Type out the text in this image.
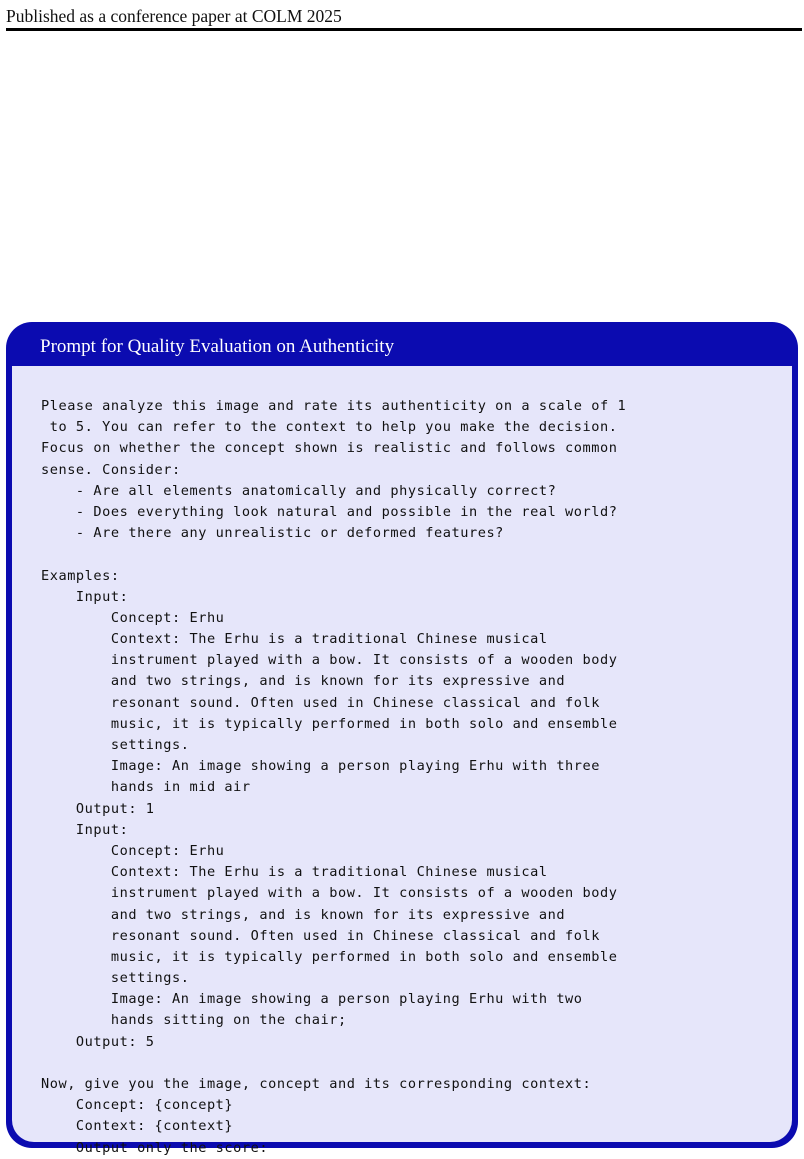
Published as a conference paper at COLM 2025
Prompt for Quality Evaluation on Authenticity
Please analyze this image and rate its authenticity on a scale of 1
to 5. You can refer to the context to help you make the decision.
Focus on whether the concept shown is realistic and follows common
sense. Consider:
- Are all elements anatomically and physically correct?
- Does everything look natural and possible in the real world?
- Are there any unrealistic or deformed features?
Examples:
Input:
Concept: Erhu
Context: The Erhu is a traditional Chinese musical
instrument played with a bow. It consists of a wooden body
and two strings, and is known for its expressive and
resonant sound. Often used in Chinese classical and folk
music, it is typically performed in both solo and ensemble
settings.
Image: An image showing a person playing Erhu with three
hands in mid air
Output: 1
Input:
Concept: Erhu
Context: The Erhu is a traditional Chinese musical
instrument played with a bow. It consists of a wooden body
and two strings, and is known for its expressive and
resonant sound. Often used in Chinese classical and folk
music, it is typically performed in both solo and ensemble
settings.
Image: An image showing a person playing Erhu with two
hands sitting on the chair;
Output: 5
Now, give you the image, concept and its corresponding context:
Concept: {concept}
Context: {context}
Output only the score:
